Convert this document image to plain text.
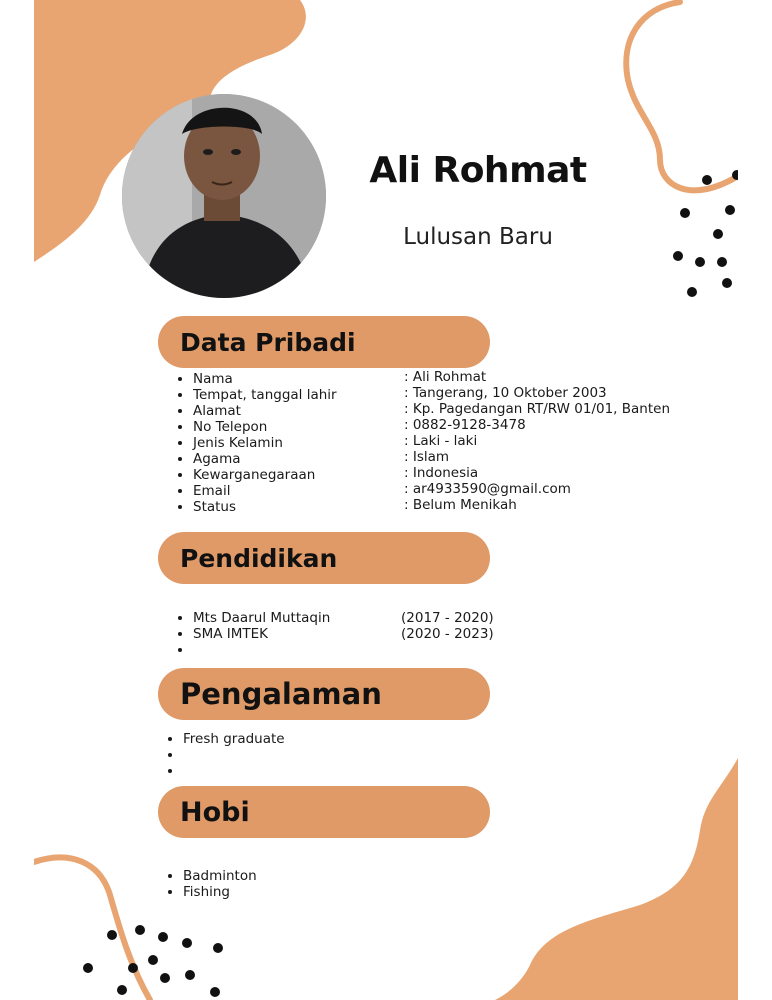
Ali Rohmat
Lulusan Baru
Data Pribadi
• Nama
• Tempat, tanggal lahir
• Alamat
• No Telepon
• Jenis Kelamin
• Agama
• Kewarganegaraan
• Email
• Status
: Ali Rohmat
: Tangerang, 10 Oktober 2003
: Kp. Pagedangan RT/RW 01/01, Banten
: 0882-9128-3478
: Laki - laki
: Islam
: Indonesia
: ar4933590@gmail.com
: Belum Menikah
Pendidikan
• Mts Daarul Muttaqin
• SMA IMTEK
•
(2017 - 2020)
(2020 - 2023)
Pengalaman
• Fresh graduate
•
•
Hobi
• Badminton
• Fishing
